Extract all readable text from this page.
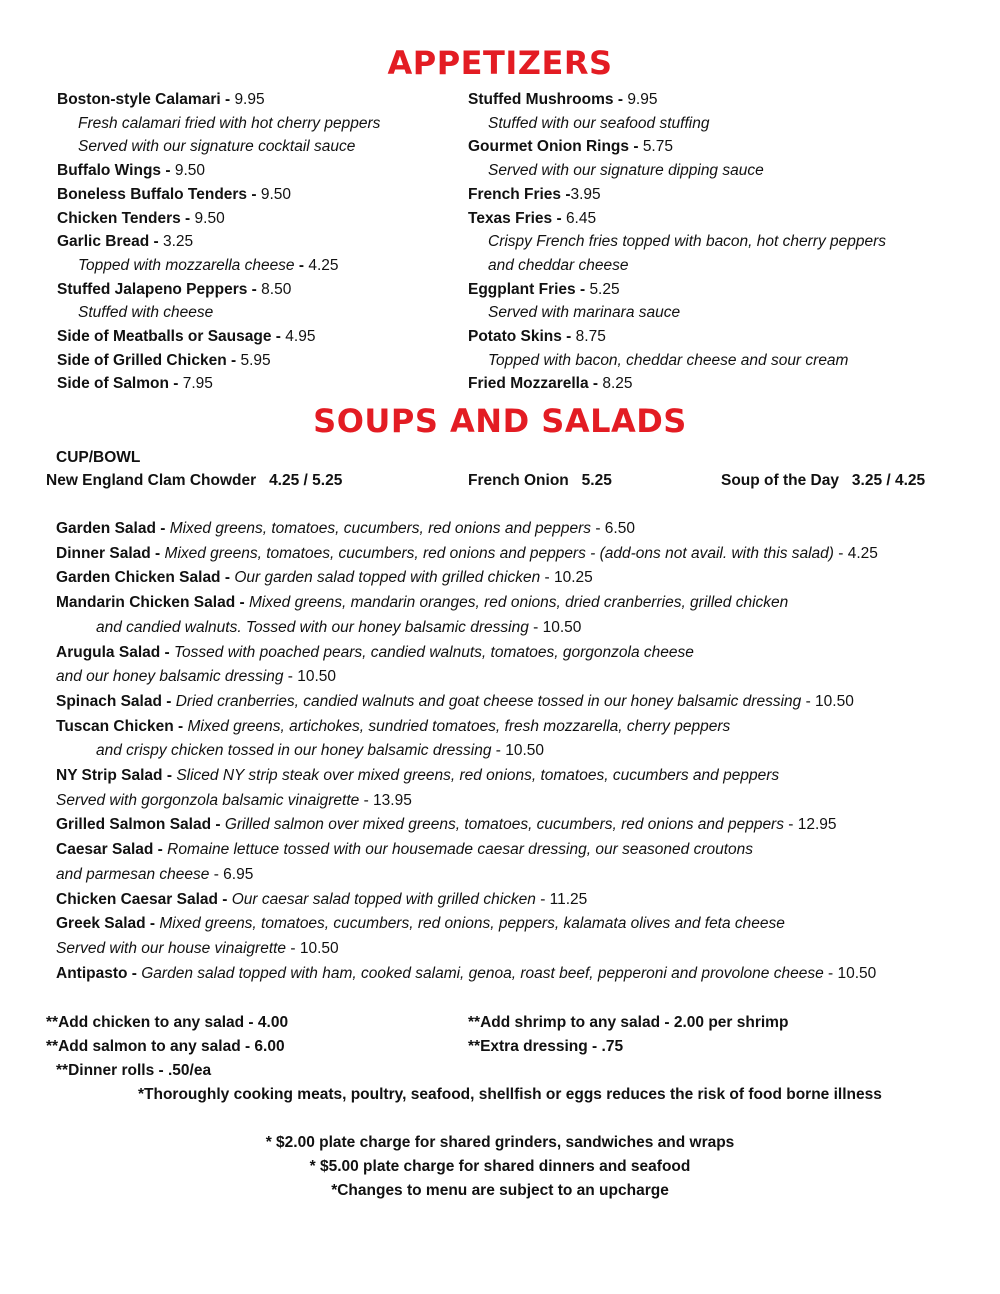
APPETIZERS
Boston-style Calamari - 9.95
Fresh calamari fried with hot cherry peppers
Served with our signature cocktail sauce
Buffalo Wings - 9.50
Boneless Buffalo Tenders - 9.50
Chicken Tenders - 9.50
Garlic Bread - 3.25
Topped with mozzarella cheese - 4.25
Stuffed Jalapeno Peppers - 8.50
Stuffed with cheese
Side of Meatballs or Sausage - 4.95
Side of Grilled Chicken - 5.95
Side of Salmon - 7.95
Stuffed Mushrooms - 9.95
Stuffed with our seafood stuffing
Gourmet Onion Rings - 5.75
Served with our signature dipping sauce
French Fries -3.95
Texas Fries - 6.45
Crispy French fries topped with bacon, hot cherry peppers
and cheddar cheese
Eggplant Fries - 5.25
Served with marinara sauce
Potato Skins - 8.75
Topped with bacon, cheddar cheese and sour cream
Fried Mozzarella - 8.25
SOUPS AND SALADS
CUP/BOWL
New England Clam Chowder 4.25 / 5.25	French Onion 5.25	Soup of the Day 3.25 / 4.25
Garden Salad - Mixed greens, tomatoes, cucumbers, red onions and peppers - 6.50
Dinner Salad - Mixed greens, tomatoes, cucumbers, red onions and peppers - (add-ons not avail. with this salad) - 4.25
Garden Chicken Salad - Our garden salad topped with grilled chicken - 10.25
Mandarin Chicken Salad - Mixed greens, mandarin oranges, red onions, dried cranberries, grilled chicken
and candied walnuts. Tossed with our honey balsamic dressing - 10.50
Arugula Salad - Tossed with poached pears, candied walnuts, tomatoes, gorgonzola cheese
and our honey balsamic dressing - 10.50
Spinach Salad - Dried cranberries, candied walnuts and goat cheese tossed in our honey balsamic dressing - 10.50
Tuscan Chicken - Mixed greens, artichokes, sundried tomatoes, fresh mozzarella, cherry peppers
and crispy chicken tossed in our honey balsamic dressing - 10.50
NY Strip Salad - Sliced NY strip steak over mixed greens, red onions, tomatoes, cucumbers and peppers
Served with gorgonzola balsamic vinaigrette - 13.95
Grilled Salmon Salad - Grilled salmon over mixed greens, tomatoes, cucumbers, red onions and peppers - 12.95
Caesar Salad - Romaine lettuce tossed with our housemade caesar dressing, our seasoned croutons
and parmesan cheese - 6.95
Chicken Caesar Salad - Our caesar salad topped with grilled chicken - 11.25
Greek Salad - Mixed greens, tomatoes, cucumbers, red onions, peppers, kalamata olives and feta cheese
Served with our house vinaigrette - 10.50
Antipasto - Garden salad topped with ham, cooked salami, genoa, roast beef, pepperoni and provolone cheese - 10.50
**Add chicken to any salad - 4.00	**Add shrimp to any salad - 2.00 per shrimp
**Add salmon to any salad - 6.00	**Extra dressing - .75
**Dinner rolls - .50/ea
*Thoroughly cooking meats, poultry, seafood, shellfish or eggs reduces the risk of food borne illness
* $2.00 plate charge for shared grinders, sandwiches and wraps
* $5.00 plate charge for shared dinners and seafood
*Changes to menu are subject to an upcharge
